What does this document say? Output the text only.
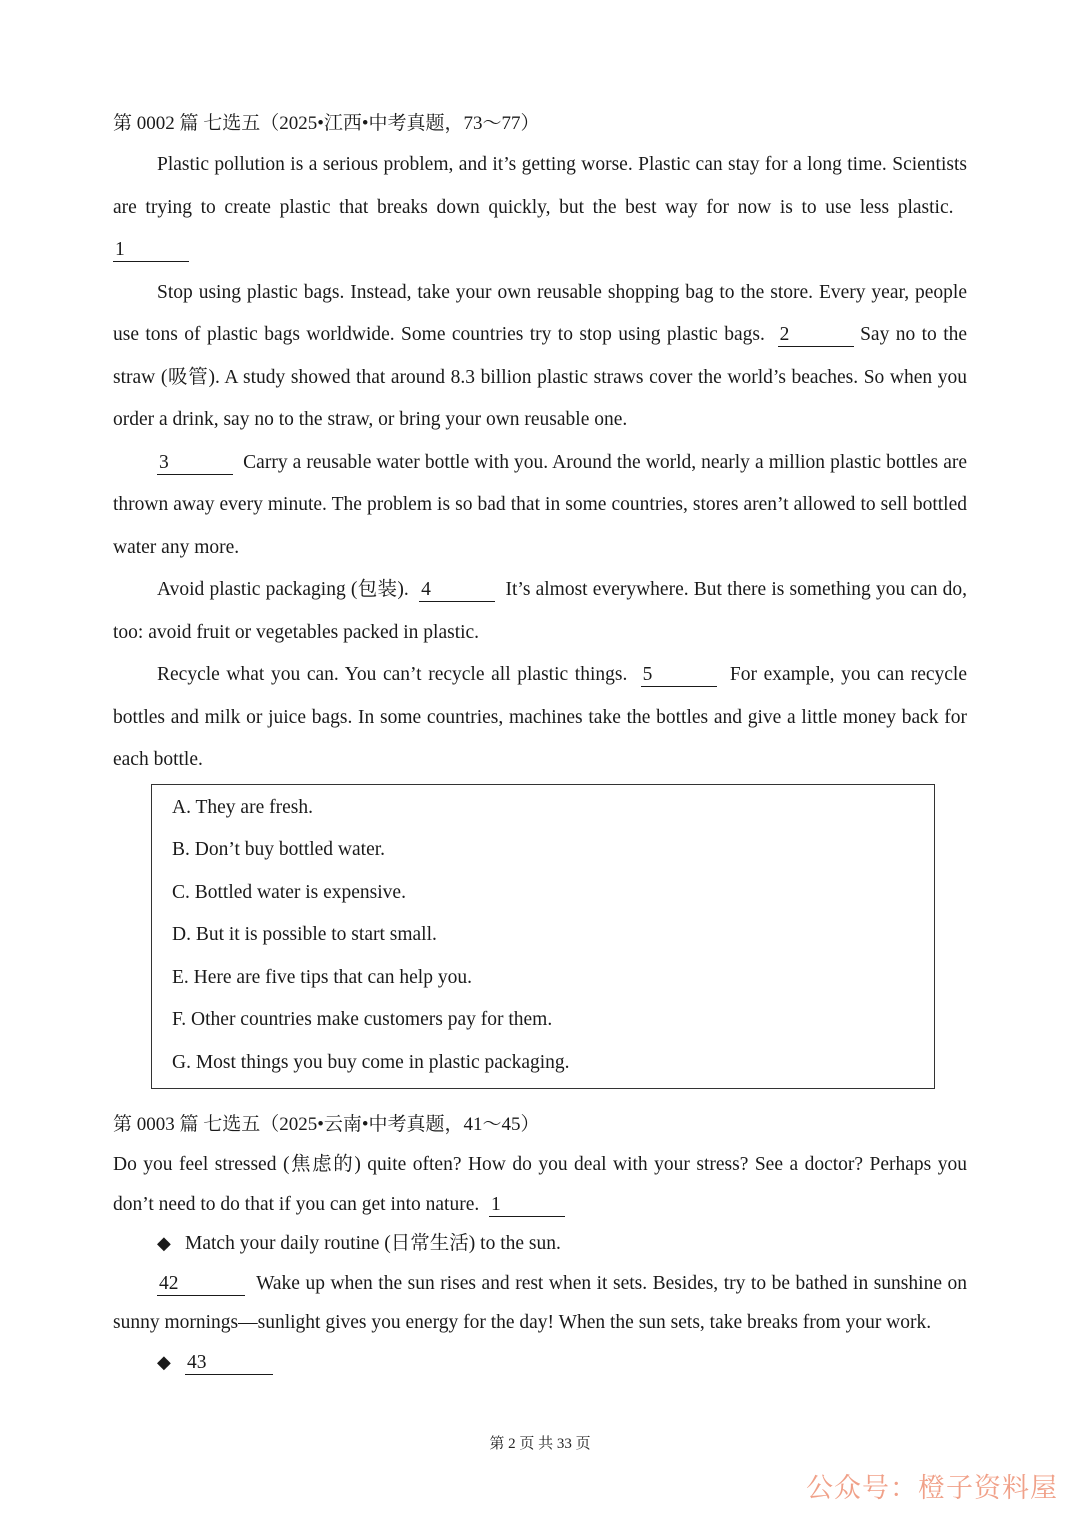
第 0002 篇 七选五（2025•江西•中考真题，73～77）

Plastic pollution is a serious problem, and it’s getting worse. Plastic can stay for a long time. Scientists are trying to create plastic that breaks down quickly, but the best way for now is to use less plastic.  1

Stop using plastic bags. Instead, take your own reusable shopping bag to the store. Every year, people use tons of plastic bags worldwide. Some countries try to stop using plastic bags. 2	Say no to the straw (吸管). A study showed that around 8.3 billion plastic straws cover the world’s beaches. So when you order a drink, say no to the straw, or bring your own reusable one.

3	Carry a reusable water bottle with you. Around the world, nearly a million plastic bottles are thrown away every minute. The problem is so bad that in some countries, stores aren’t allowed to sell bottled water any more.

Avoid plastic packaging (包装). 4	It’s almost everywhere. But there is something you can do, too: avoid fruit or vegetables packed in plastic.

Recycle what you can. You can’t recycle all plastic things. 5	For example, you can recycle bottles and milk or juice bags. In some countries, machines take the bottles and give a little money back for each bottle.

A. They are fresh.

B. Don’t buy bottled water.

C. Bottled water is expensive.

D. But it is possible to start small.

E. Here are five tips that can help you.

F. Other countries make customers pay for them.

G. Most things you buy come in plastic packaging.

第 0003 篇 七选五（2025•云南•中考真题，41～45）

Do you feel stressed (焦虑的) quite often? How do you deal with your stress? See a doctor? Perhaps you don’t need to do that if you can get into nature. 1

◆ Match your daily routine (日常生活) to the sun.

42	Wake up when the sun rises and rest when it sets. Besides, try to be bathed in sunshine on sunny mornings—sunlight gives you energy for the day! When the sun sets, take breaks from your work.

◆ 43

第 2 页 共 33 页
公众号：橙子资料屋
